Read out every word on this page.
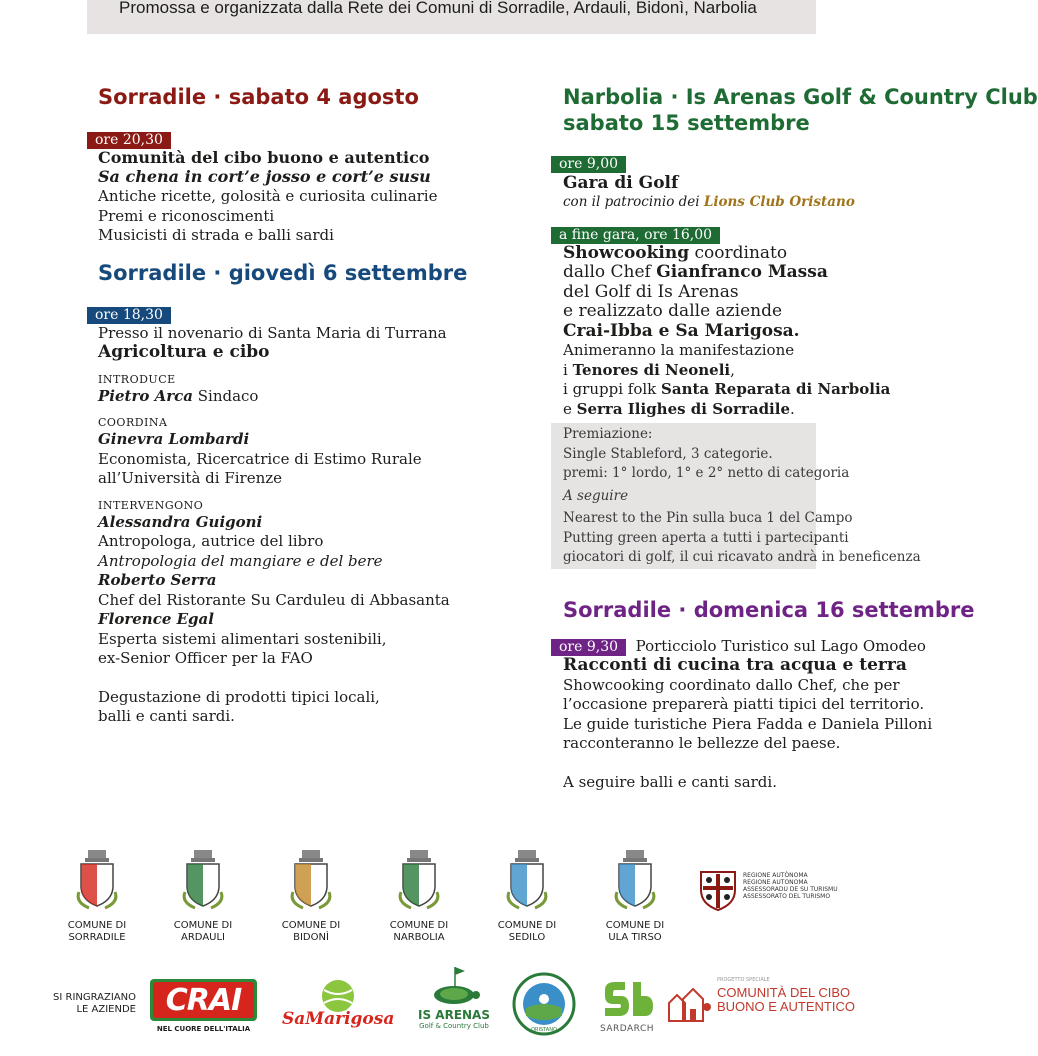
Promossa e organizzata dalla Rete dei Comuni di Sorradile, Ardauli, Bidonì, Narbolia
Sorradile · sabato 4 agosto
ore 20,30
Comunità del cibo buono e autentico
Sa chena in cort’e josso e cort’e susu
Antiche ricette, golosità e curiosita culinarie
Premi e riconoscimenti
Musicisti di strada e balli sardi
Sorradile · giovedì 6 settembre
ore 18,30
Presso il novenario di Santa Maria di Turrana
Agricoltura e cibo
INTRODUCE
Pietro Arca Sindaco
COORDINA
Ginevra Lombardi
Economista, Ricercatrice di Estimo Rurale
all’Università di Firenze
INTERVENGONO
Alessandra Guigoni
Antropologa, autrice del libro
Antropologia del mangiare e del bere
Roberto Serra
Chef del Ristorante Su Carduleu di Abbasanta
Florence Egal
Esperta sistemi alimentari sostenibili,
ex-Senior Officer per la FAO
Degustazione di prodotti tipici locali,
balli e canti sardi.
Narbolia · Is Arenas Golf & Country Club
sabato 15 settembre
ore 9,00
Gara di Golf
con il patrocinio dei Lions Club Oristano
a fine gara, ore 16,00
Showcooking coordinato
dallo Chef Gianfranco Massa
del Golf di Is Arenas
e realizzato dalle aziende
Crai-Ibba e Sa Marigosa.
Animeranno la manifestazione
i Tenores di Neoneli,
i gruppi folk Santa Reparata di Narbolia
e Serra Ilighes di Sorradile.
Premiazione:
Single Stableford, 3 categorie.
premi: 1° lordo, 1° e 2° netto di categoria
A seguire
Nearest to the Pin sulla buca 1 del Campo
Putting green aperta a tutti i partecipanti
giocatori di golf, il cui ricavato andrà in beneficenza
Sorradile · domenica 16 settembre
ore 9,30 Porticciolo Turistico sul Lago Omodeo
Racconti di cucina tra acqua e terra
Showcooking coordinato dallo Chef, che per
l’occasione preparerà piatti tipici del territorio.
Le guide turistiche Piera Fadda e Daniela Pilloni
racconteranno le bellezze del paese.
A seguire balli e canti sardi.
COMUNE DI
SORRADILE
COMUNE DI
ARDAULI
COMUNE DI
BIDONÌ
COMUNE DI
NARBOLIA
COMUNE DI
SEDILO
COMUNE DI
ULA TIRSO
REGIONE AUTÒNOMA
REGIONE AUTONOMA
ASSESSORADU DE SU TURISMU
ASSESSORATO DEL TURISMO
SI RINGRAZIANO
LE AZIENDE CRAI
NEL CUORE DELL'ITALIA	SaMarigosa	IS ARENAS
Golf & Country Club	ORISTANO	SARDARCH
PROGETTO SPECIALE
COMUNITÀ DEL CIBO
BUONO E AUTENTICO
